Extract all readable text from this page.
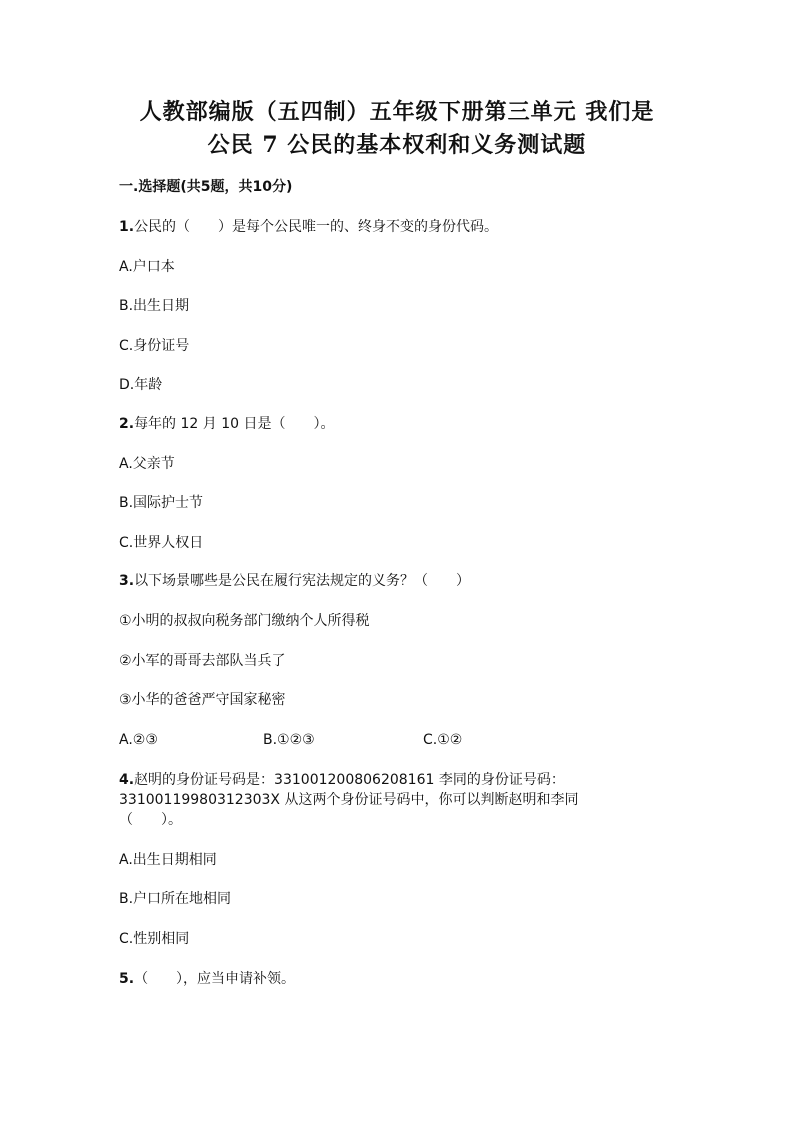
人教部编版（五四制）五年级下册第三单元 我们是
公民 7 公民的基本权利和义务测试题
一.选择题(共5题，共10分)
1.公民的（　　）是每个公民唯一的、终身不变的身份代码。
A.户口本
B.出生日期
C.身份证号
D.年龄
2.每年的 12 月 10 日是（　　）。
A.父亲节
B.国际护士节
C.世界人权日
3.以下场景哪些是公民在履行宪法规定的义务？（　　）
①小明的叔叔向税务部门缴纳个人所得税
②小军的哥哥去部队当兵了
③小华的爸爸严守国家秘密
A.②③	B.①②③	C.①②
4.赵明的身份证号码是：331001200806208161 李同的身份证号码：
33100119980312303X 从这两个身份证号码中，你可以判断赵明和李同
（　　）。
A.出生日期相同
B.户口所在地相同
C.性别相同
5.（　　），应当申请补领。
